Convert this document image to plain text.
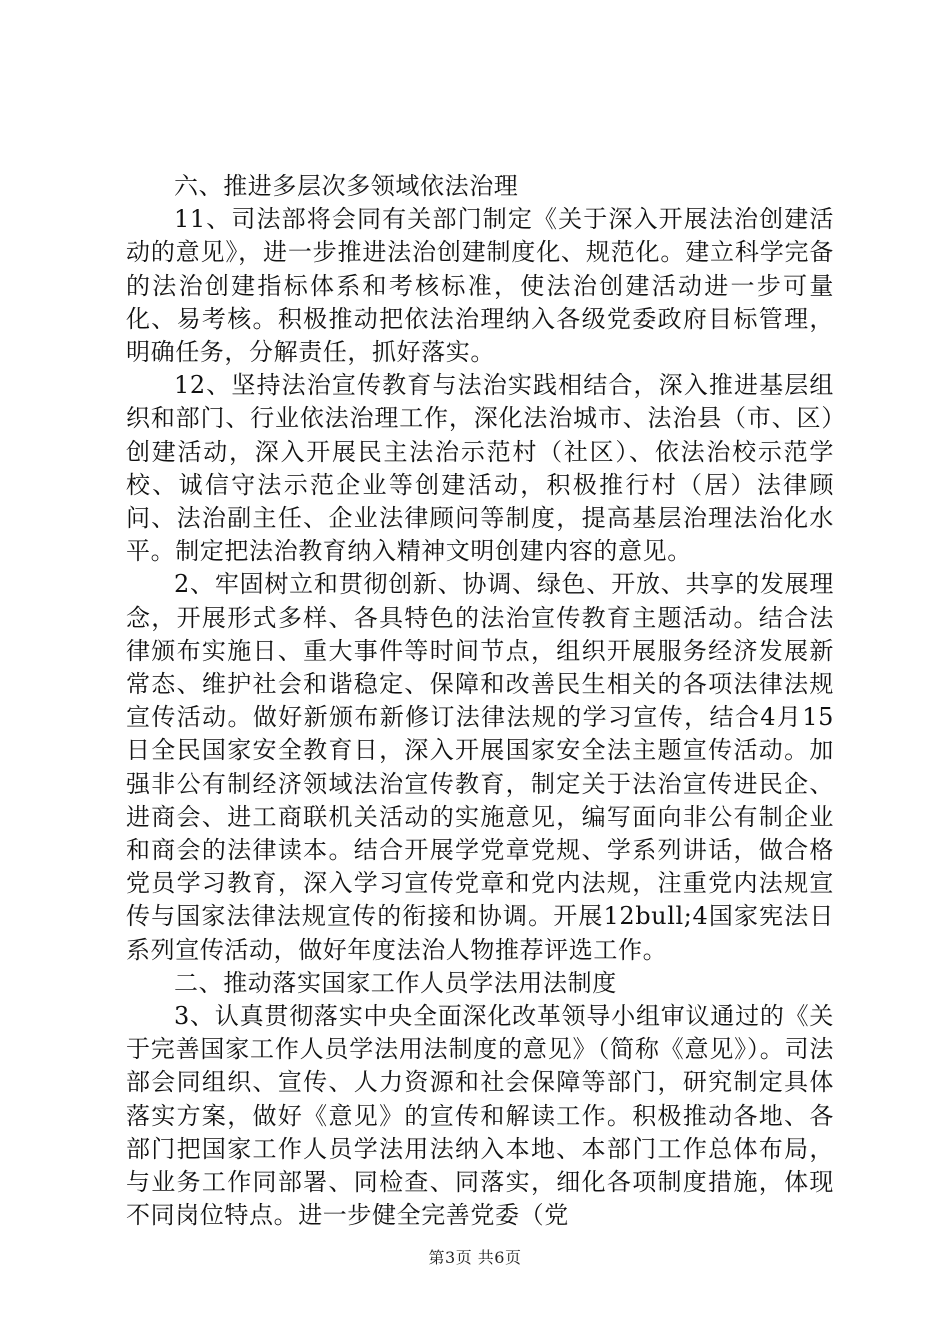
六、推进多层次多领域依法治理

11、司法部将会同有关部门制定《关于深入开展法治创建活动的意见》，进一步推进法治创建制度化、规范化。建立科学完备的法治创建指标体系和考核标准，使法治创建活动进一步可量化、易考核。积极推动把依法治理纳入各级党委政府目标管理，明确任务，分解责任，抓好落实。

12、坚持法治宣传教育与法治实践相结合，深入推进基层组织和部门、行业依法治理工作，深化法治城市、法治县（市、区）创建活动，深入开展民主法治示范村（社区）、依法治校示范学校、诚信守法示范企业等创建活动，积极推行村（居）法律顾问、法治副主任、企业法律顾问等制度，提高基层治理法治化水平。制定把法治教育纳入精神文明创建内容的意见。

2、牢固树立和贯彻创新、协调、绿色、开放、共享的发展理念，开展形式多样、各具特色的法治宣传教育主题活动。结合法律颁布实施日、重大事件等时间节点，组织开展服务经济发展新常态、维护社会和谐稳定、保障和改善民生相关的各项法律法规宣传活动。做好新颁布新修订法律法规的学习宣传，结合4月15日全民国家安全教育日，深入开展国家安全法主题宣传活动。加强非公有制经济领域法治宣传教育，制定关于法治宣传进民企、进商会、进工商联机关活动的实施意见，编写面向非公有制企业和商会的法律读本。结合开展学党章党规、学系列讲话，做合格党员学习教育，深入学习宣传党章和党内法规，注重党内法规宣传与国家法律法规宣传的衔接和协调。开展12bull;4国家宪法日系列宣传活动，做好年度法治人物推荐评选工作。

二、推动落实国家工作人员学法用法制度

3、认真贯彻落实中央全面深化改革领导小组审议通过的《关于完善国家工作人员学法用法制度的意见》（简称《意见》）。司法部会同组织、宣传、人力资源和社会保障等部门，研究制定具体落实方案，做好《意见》的宣传和解读工作。积极推动各地、各部门把国家工作人员学法用法纳入本地、本部门工作总体布局，与业务工作同部署、同检查、同落实，细化各项制度措施，体现不同岗位特点。进一步健全完善党委（党

第3页 共6页
